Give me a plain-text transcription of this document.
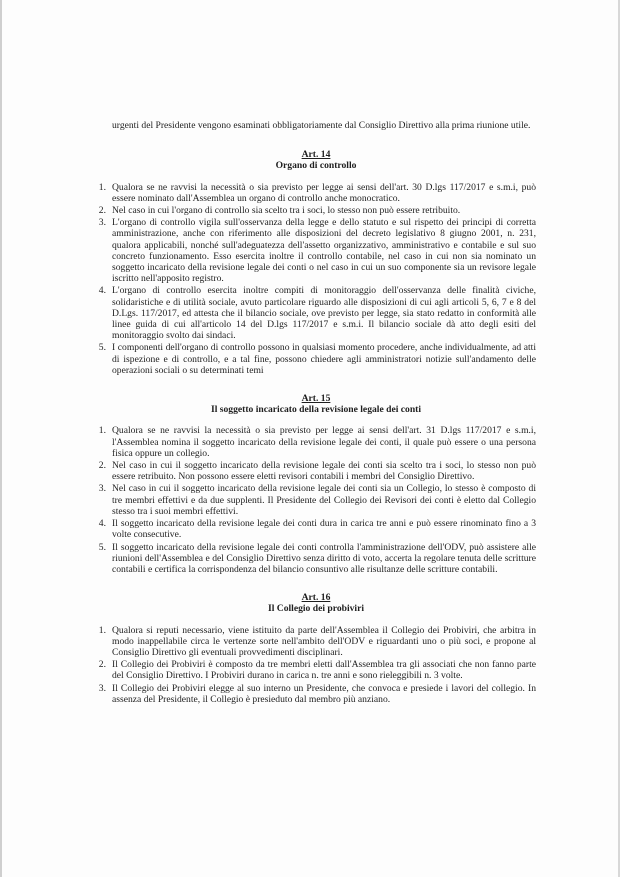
urgenti del Presidente vengono esaminati obbligatoriamente dal Consiglio Direttivo alla prima riunione utile.

Art. 14

Organo di controllo

1. Qualora se ne ravvisi la necessità o sia previsto per legge ai sensi dell'art. 30 D.lgs 117/2017 e s.m.i, può essere nominato dall'Assemblea un organo di controllo anche monocratico.
2. Nel caso in cui l'organo di controllo sia scelto tra i soci, lo stesso non può essere retribuito.
3. L'organo di controllo vigila sull'osservanza della legge e dello statuto e sul rispetto dei principi di corretta amministrazione, anche con riferimento alle disposizioni del decreto legislativo 8 giugno 2001, n. 231, qualora applicabili, nonché sull'adeguatezza dell'assetto organizzativo, amministrativo e contabile e sul suo concreto funzionamento. Esso esercita inoltre il controllo contabile, nel caso in cui non sia nominato un soggetto incaricato della revisione legale dei conti o nel caso in cui un suo componente sia un revisore legale iscritto nell'apposito registro.
4. L'organo di controllo esercita inoltre compiti di monitoraggio dell'osservanza delle finalità civiche, solidaristiche e di utilità sociale, avuto particolare riguardo alle disposizioni di cui agli articoli 5, 6, 7 e 8 del D.Lgs. 117/2017, ed attesta che il bilancio sociale, ove previsto per legge, sia stato redatto in conformità alle linee guida di cui all'articolo 14 del D.lgs 117/2017 e s.m.i. Il bilancio sociale dà atto degli esiti del monitoraggio svolto dai sindaci.
5. I componenti dell'organo di controllo possono in qualsiasi momento procedere, anche individualmente, ad atti di ispezione e di controllo, e a tal fine, possono chiedere agli amministratori notizie sull'andamento delle operazioni sociali o su determinati temi

Art. 15

Il soggetto incaricato della revisione legale dei conti

1. Qualora se ne ravvisi la necessità o sia previsto per legge ai sensi dell'art. 31 D.lgs 117/2017 e s.m.i, l'Assemblea nomina il soggetto incaricato della revisione legale dei conti, il quale può essere o una persona fisica oppure un collegio.
2. Nel caso in cui il soggetto incaricato della revisione legale dei conti sia scelto tra i soci, lo stesso non può essere retribuito. Non possono essere eletti revisori contabili i membri del Consiglio Direttivo.
3. Nel caso in cui il soggetto incaricato della revisione legale dei conti sia un Collegio, lo stesso è composto di tre membri effettivi e da due supplenti. Il Presidente del Collegio dei Revisori dei conti è eletto dal Collegio stesso tra i suoi membri effettivi.
4. Il soggetto incaricato della revisione legale dei conti dura in carica tre anni e può essere rinominato fino a 3 volte consecutive.
5. Il soggetto incaricato della revisione legale dei conti controlla l'amministrazione dell'ODV, può assistere alle riunioni dell'Assemblea e del Consiglio Direttivo senza diritto di voto, accerta la regolare tenuta delle scritture contabili e certifica la corrispondenza del bilancio consuntivo alle risultanze delle scritture contabili.

Art. 16

Il Collegio dei probiviri

1. Qualora si reputi necessario, viene istituito da parte dell'Assemblea il Collegio dei Probiviri, che arbitra in modo inappellabile circa le vertenze sorte nell'ambito dell'ODV e riguardanti uno o più soci, e propone al Consiglio Direttivo gli eventuali provvedimenti disciplinari.
2. Il Collegio dei Probiviri è composto da tre membri eletti dall'Assemblea tra gli associati che non fanno parte del Consiglio Direttivo. I Probiviri durano in carica n. tre anni e sono rieleggibili n. 3 volte.
3. Il Collegio dei Probiviri elegge al suo interno un Presidente, che convoca e presiede i lavori del collegio. In assenza del Presidente, il Collegio è presieduto dal membro più anziano.
